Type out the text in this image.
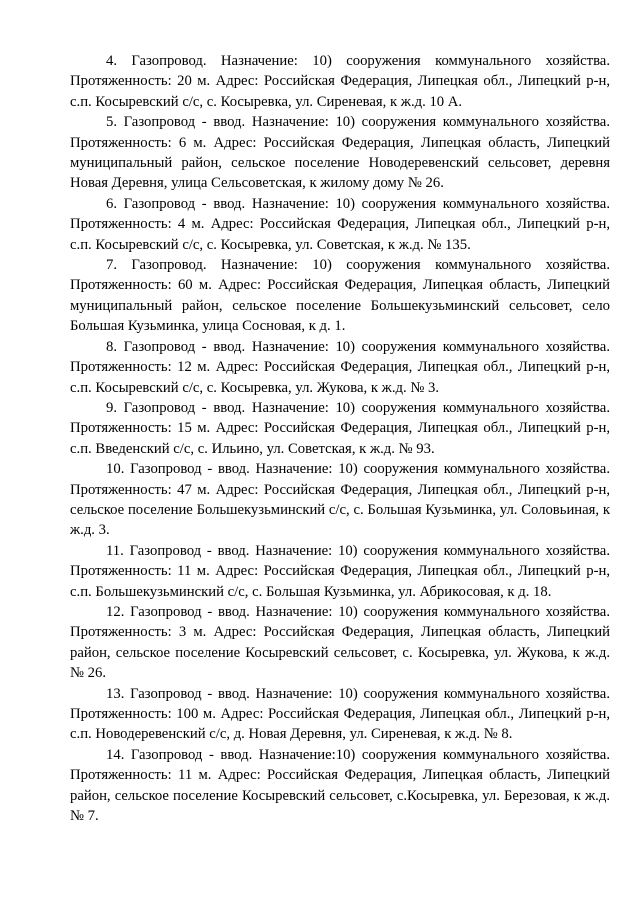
4. Газопровод. Назначение: 10) сооружения коммунального хозяйства. Протяженность: 20 м. Адрес: Российская Федерация, Липецкая обл., Липецкий р-н, с.п. Косыревский с/с, с. Косыревка, ул. Сиреневая, к ж.д. 10 А.

5. Газопровод - ввод. Назначение: 10) сооружения коммунального хозяйства. Протяженность: 6 м. Адрес: Российская Федерация, Липецкая область, Липецкий муниципальный район, сельское поселение Новодеревенский сельсовет, деревня Новая Деревня, улица Сельсоветская, к жилому дому № 26.

6. Газопровод - ввод. Назначение: 10) сооружения коммунального хозяйства. Протяженность: 4 м. Адрес: Российская Федерация, Липецкая обл., Липецкий р-н, с.п. Косыревский с/с, с. Косыревка, ул. Советская, к ж.д. № 135.

7. Газопровод. Назначение: 10) сооружения коммунального хозяйства. Протяженность: 60 м. Адрес: Российская Федерация, Липецкая область, Липецкий муниципальный район, сельское поселение Большекузьминский сельсовет, село Большая Кузьминка, улица Сосновая, к д. 1.

8. Газопровод - ввод. Назначение: 10) сооружения коммунального хозяйства. Протяженность: 12 м. Адрес: Российская Федерация, Липецкая обл., Липецкий р-н, с.п. Косыревский с/с, с. Косыревка, ул. Жукова, к ж.д. № 3.

9. Газопровод - ввод. Назначение: 10) сооружения коммунального хозяйства. Протяженность: 15 м. Адрес: Российская Федерация, Липецкая обл., Липецкий р-н, с.п. Введенский с/с, с. Ильино, ул. Советская, к ж.д. № 93.

10. Газопровод - ввод. Назначение: 10) сооружения коммунального хозяйства. Протяженность: 47 м. Адрес: Российская Федерация, Липецкая обл., Липецкий р-н, сельское поселение Большекузьминский с/с, с. Большая Кузьминка, ул. Соловьиная, к ж.д. 3.

11. Газопровод - ввод. Назначение: 10) сооружения коммунального хозяйства. Протяженность: 11 м. Адрес: Российская Федерация, Липецкая обл., Липецкий р-н, с.п. Большекузьминский с/с, с. Большая Кузьминка, ул. Абрикосовая, к д. 18.

12. Газопровод - ввод. Назначение: 10) сооружения коммунального хозяйства. Протяженность: 3 м. Адрес: Российская Федерация, Липецкая область, Липецкий район, сельское поселение Косыревский сельсовет, с. Косыревка, ул. Жукова, к ж.д. № 26.

13. Газопровод - ввод. Назначение: 10) сооружения коммунального хозяйства. Протяженность: 100 м. Адрес: Российская Федерация, Липецкая обл., Липецкий р-н, с.п. Новодеревенский с/с, д. Новая Деревня, ул. Сиреневая, к ж.д. № 8.

14. Газопровод - ввод. Назначение:10) сооружения коммунального хозяйства. Протяженность: 11 м. Адрес: Российская Федерация, Липецкая область, Липецкий район, сельское поселение Косыревский сельсовет, с.Косыревка, ул. Березовая, к ж.д. № 7.
